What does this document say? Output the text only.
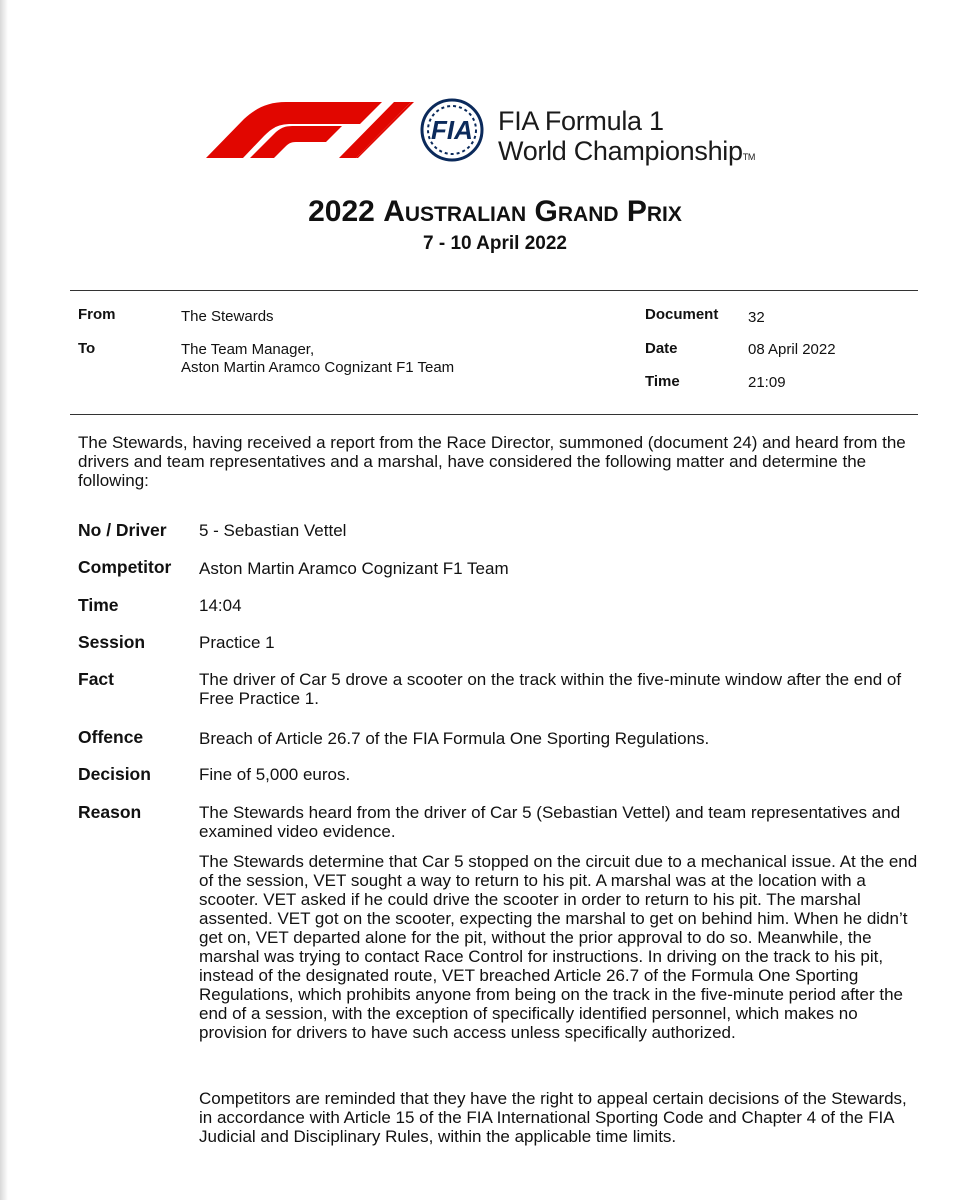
FIA FIA Formula 1
World ChampionshipTM
2022 Australian Grand Prix
7 - 10 April 2022
From	The Stewards
To	The Team Manager,
Aston Martin Aramco Cognizant F1 Team
Document 32
Date	08 April 2022
Time	21:09
The Stewards, having received a report from the Race Director, summoned (document 24) and heard from the drivers and team representatives and a marshal, have considered the following matter and determine the following:
No / Driver 5 - Sebastian Vettel
Competitor Aston Martin Aramco Cognizant F1 Team
Time	14:04
Session	Practice 1
Fact	The driver of Car 5 drove a scooter on the track within the five-minute window after the end of Free Practice 1.
Offence	Breach of Article 26.7 of the FIA Formula One Sporting Regulations.
Decision	Fine of 5,000 euros.
Reason	The Stewards heard from the driver of Car 5 (Sebastian Vettel) and team representatives and examined video evidence.
The Stewards determine that Car 5 stopped on the circuit due to a mechanical issue. At the end of the session, VET sought a way to return to his pit. A marshal was at the location with a scooter. VET asked if he could drive the scooter in order to return to his pit. The marshal assented. VET got on the scooter, expecting the marshal to get on behind him. When he didn’t get on, VET departed alone for the pit, without the prior approval to do so. Meanwhile, the marshal was trying to contact Race Control for instructions. In driving on the track to his pit, instead of the designated route, VET breached Article 26.7 of the Formula One Sporting Regulations, which prohibits anyone from being on the track in the five-minute period after the end of a session, with the exception of specifically identified personnel, which makes no provision for drivers to have such access unless specifically authorized.
Competitors are reminded that they have the right to appeal certain decisions of the Stewards, in accordance with Article 15 of the FIA International Sporting Code and Chapter 4 of the FIA Judicial and Disciplinary Rules, within the applicable time limits.
